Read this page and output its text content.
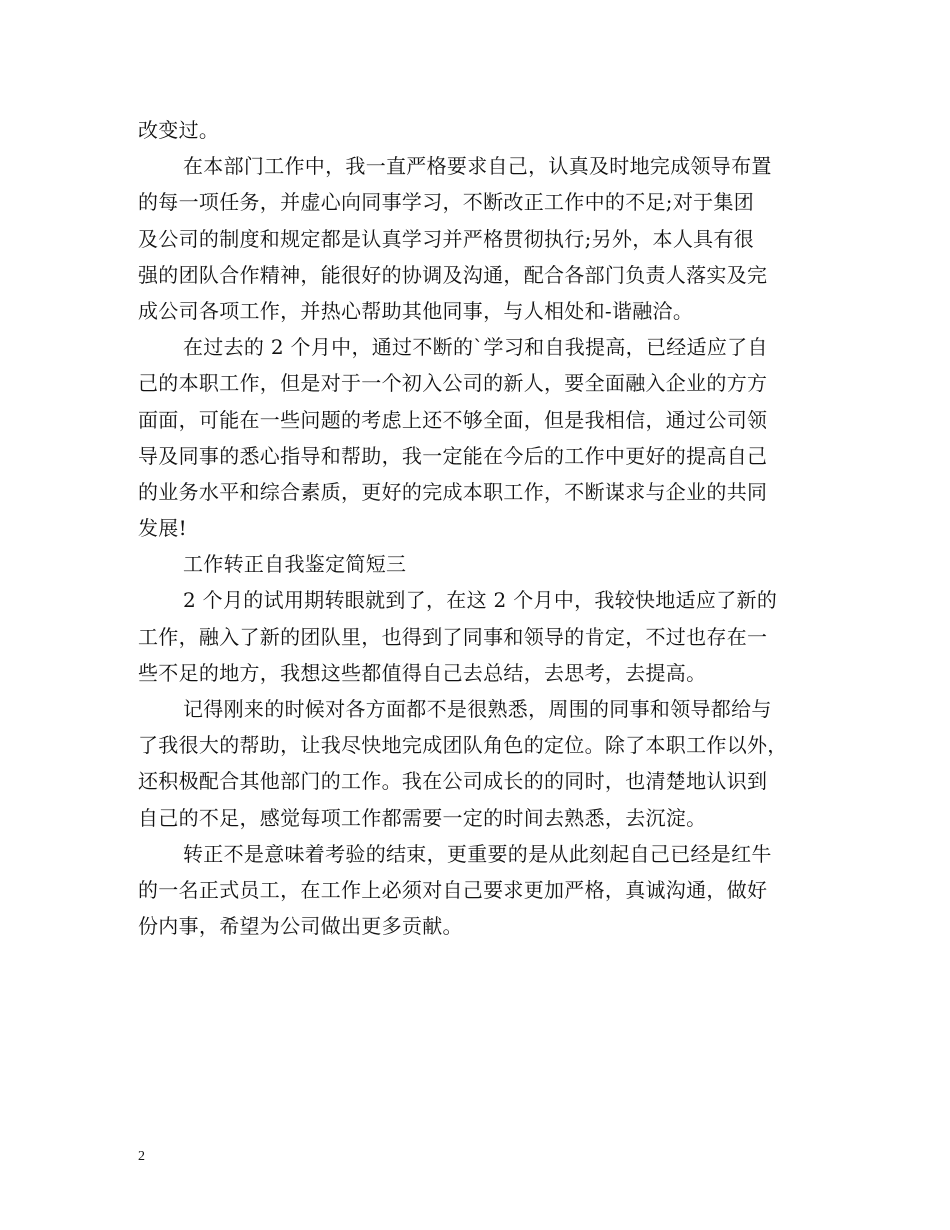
改变过。
在本部门工作中，我一直严格要求自己，认真及时地完成领导布置
的每一项任务，并虚心向同事学习，不断改正工作中的不足;对于集团
及公司的制度和规定都是认真学习并严格贯彻执行;另外，本人具有很
强的团队合作精神，能很好的协调及沟通，配合各部门负责人落实及完
成公司各项工作，并热心帮助其他同事，与人相处和-谐融洽。
在过去的 2 个月中，通过不断的`学习和自我提高，已经适应了自
己的本职工作，但是对于一个初入公司的新人，要全面融入企业的方方
面面，可能在一些问题的考虑上还不够全面，但是我相信，通过公司领
导及同事的悉心指导和帮助，我一定能在今后的工作中更好的提高自己
的业务水平和综合素质，更好的完成本职工作，不断谋求与企业的共同
发展!
工作转正自我鉴定简短三
2 个月的试用期转眼就到了，在这 2 个月中，我较快地适应了新的
工作，融入了新的团队里，也得到了同事和领导的肯定，不过也存在一
些不足的地方，我想这些都值得自己去总结，去思考，去提高。
记得刚来的时候对各方面都不是很熟悉，周围的同事和领导都给与
了我很大的帮助，让我尽快地完成团队角色的定位。除了本职工作以外，
还积极配合其他部门的工作。我在公司成长的的同时，也清楚地认识到
自己的不足，感觉每项工作都需要一定的时间去熟悉，去沉淀。
转正不是意味着考验的结束，更重要的是从此刻起自己已经是红牛
的一名正式员工，在工作上必须对自己要求更加严格，真诚沟通，做好
份内事，希望为公司做出更多贡献。
2
